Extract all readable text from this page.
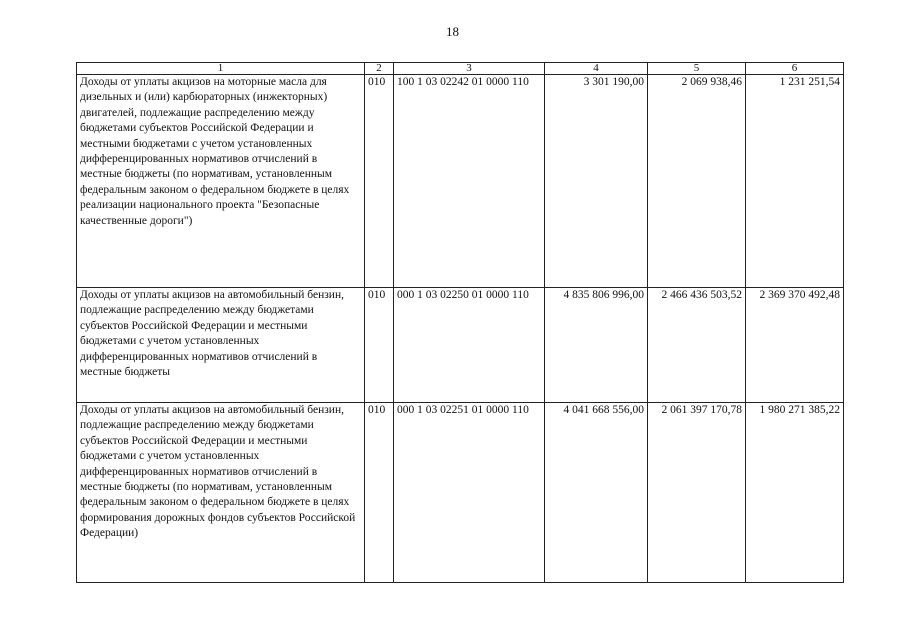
18
1	2	3	4	5	6
Доходы от уплаты акцизов на моторные масла для дизельных и (или) карбюраторных (инжекторных) двигателей, подлежащие распределению между бюджетами субъектов Российской Федерации и местными бюджетами с учетом установленных дифференцированных нормативов отчислений в местные бюджеты (по нормативам, установленным федеральным законом о федеральном бюджете в целях реализации национального проекта "Безопасные качественные дороги")	010	100 1 03 02242 01 0000 110	3 301 190,00	2 069 938,46	1 231 251,54
Доходы от уплаты акцизов на автомобильный бензин, подлежащие распределению между бюджетами субъектов Российской Федерации и местными бюджетами с учетом установленных дифференцированных нормативов отчислений в местные бюджеты	010	000 1 03 02250 01 0000 110	4 835 806 996,00	2 466 436 503,52	2 369 370 492,48
Доходы от уплаты акцизов на автомобильный бензин, подлежащие распределению между бюджетами субъектов Российской Федерации и местными бюджетами с учетом установленных дифференцированных нормативов отчислений в местные бюджеты (по нормативам, установленным федеральным законом о федеральном бюджете в целях формирования дорожных фондов субъектов Российской Федерации)	010	000 1 03 02251 01 0000 110	4 041 668 556,00	2 061 397 170,78	1 980 271 385,22
